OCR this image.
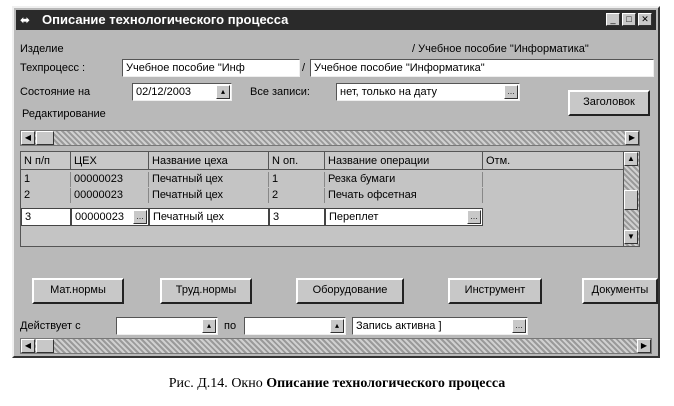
⬌ Описание технологического процесса	_	□	✕
Изделие	/ Учебное пособие "Информатика"
Техпроцесс :	Учебное пособие "Инф	/ Учебное пособие "Информатика"
Состояние на	02/12/2003	▴	Все записи:	нет, только на дату	…
Заголовок
Редактирование
◀	▶
N п/п	ЦЕХ	Название цеха	N оп.	Название операции	Отм.
1	00000023	Печатный цех	1	Резка бумаги
2	00000023	Печатный цех	2	Печать офсетная
3	00000023	… Печатный цех	3	Переплет	…
▲
▼
Мат.нормы	Труд.нормы	Оборудование	Инструмент	Документы
Действует с	▴	по	▴	Запись активна ]	…
◀	▶
Рис. Д.14. Окно Описание технологического процесса
